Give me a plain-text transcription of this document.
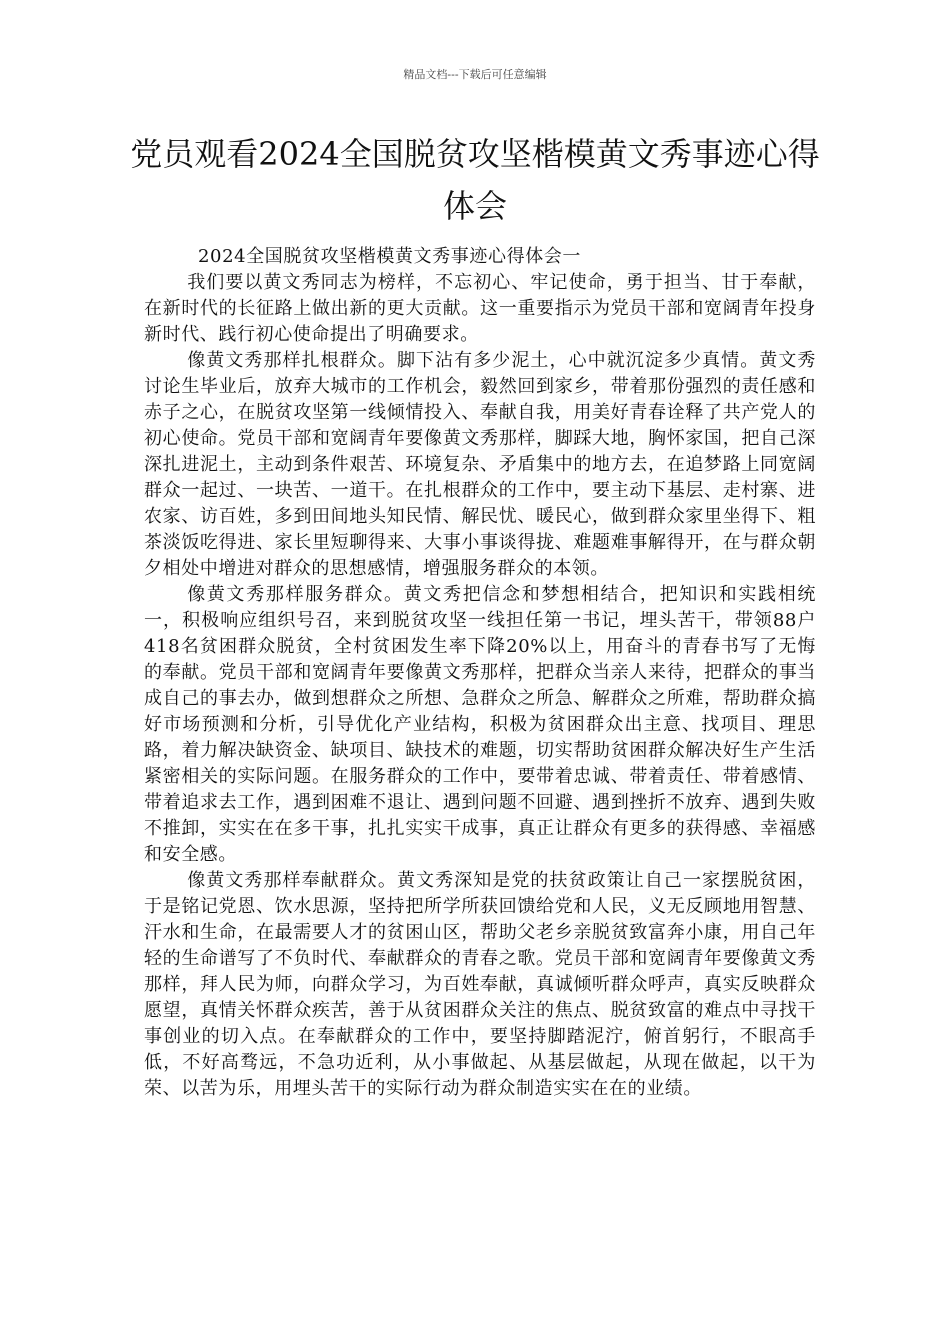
精品文档---下载后可任意编辑
党员观看2024全国脱贫攻坚楷模黄文秀事迹心得体会

2024全国脱贫攻坚楷模黄文秀事迹心得体会一

我们要以黄文秀同志为榜样，不忘初心、牢记使命，勇于担当、甘于奉献，在新时代的长征路上做出新的更大贡献。这一重要指示为党员干部和宽阔青年投身新时代、践行初心使命提出了明确要求。

像黄文秀那样扎根群众。脚下沾有多少泥土，心中就沉淀多少真情。黄文秀讨论生毕业后，放弃大城市的工作机会，毅然回到家乡，带着那份强烈的责任感和赤子之心，在脱贫攻坚第一线倾情投入、奉献自我，用美好青春诠释了共产党人的初心使命。党员干部和宽阔青年要像黄文秀那样，脚踩大地，胸怀家国，把自己深深扎进泥土，主动到条件艰苦、环境复杂、矛盾集中的地方去，在追梦路上同宽阔群众一起过、一块苦、一道干。在扎根群众的工作中，要主动下基层、走村寨、进农家、访百姓，多到田间地头知民情、解民忧、暖民心，做到群众家里坐得下、粗茶淡饭吃得进、家长里短聊得来、大事小事谈得拢、难题难事解得开，在与群众朝夕相处中增进对群众的思想感情，增强服务群众的本领。

像黄文秀那样服务群众。黄文秀把信念和梦想相结合，把知识和实践相统一，积极响应组织号召，来到脱贫攻坚一线担任第一书记，埋头苦干，带领88户418名贫困群众脱贫，全村贫困发生率下降20%以上，用奋斗的青春书写了无悔的奉献。党员干部和宽阔青年要像黄文秀那样，把群众当亲人来待，把群众的事当成自己的事去办，做到想群众之所想、急群众之所急、解群众之所难，帮助群众搞好市场预测和分析，引导优化产业结构，积极为贫困群众出主意、找项目、理思路，着力解决缺资金、缺项目、缺技术的难题，切实帮助贫困群众解决好生产生活紧密相关的实际问题。在服务群众的工作中，要带着忠诚、带着责任、带着感情、带着追求去工作，遇到困难不退让、遇到问题不回避、遇到挫折不放弃、遇到失败不推卸，实实在在多干事，扎扎实实干成事，真正让群众有更多的获得感、幸福感和安全感。

像黄文秀那样奉献群众。黄文秀深知是党的扶贫政策让自己一家摆脱贫困，于是铭记党恩、饮水思源，坚持把所学所获回馈给党和人民，义无反顾地用智慧、汗水和生命，在最需要人才的贫困山区，帮助父老乡亲脱贫致富奔小康，用自己年轻的生命谱写了不负时代、奉献群众的青春之歌。党员干部和宽阔青年要像黄文秀那样，拜人民为师，向群众学习，为百姓奉献，真诚倾听群众呼声，真实反映群众愿望，真情关怀群众疾苦，善于从贫困群众关注的焦点、脱贫致富的难点中寻找干事创业的切入点。在奉献群众的工作中，要坚持脚踏泥泞，俯首躬行，不眼高手低，不好高骛远，不急功近利，从小事做起、从基层做起，从现在做起，以干为荣、以苦为乐，用埋头苦干的实际行动为群众制造实实在在的业绩。
